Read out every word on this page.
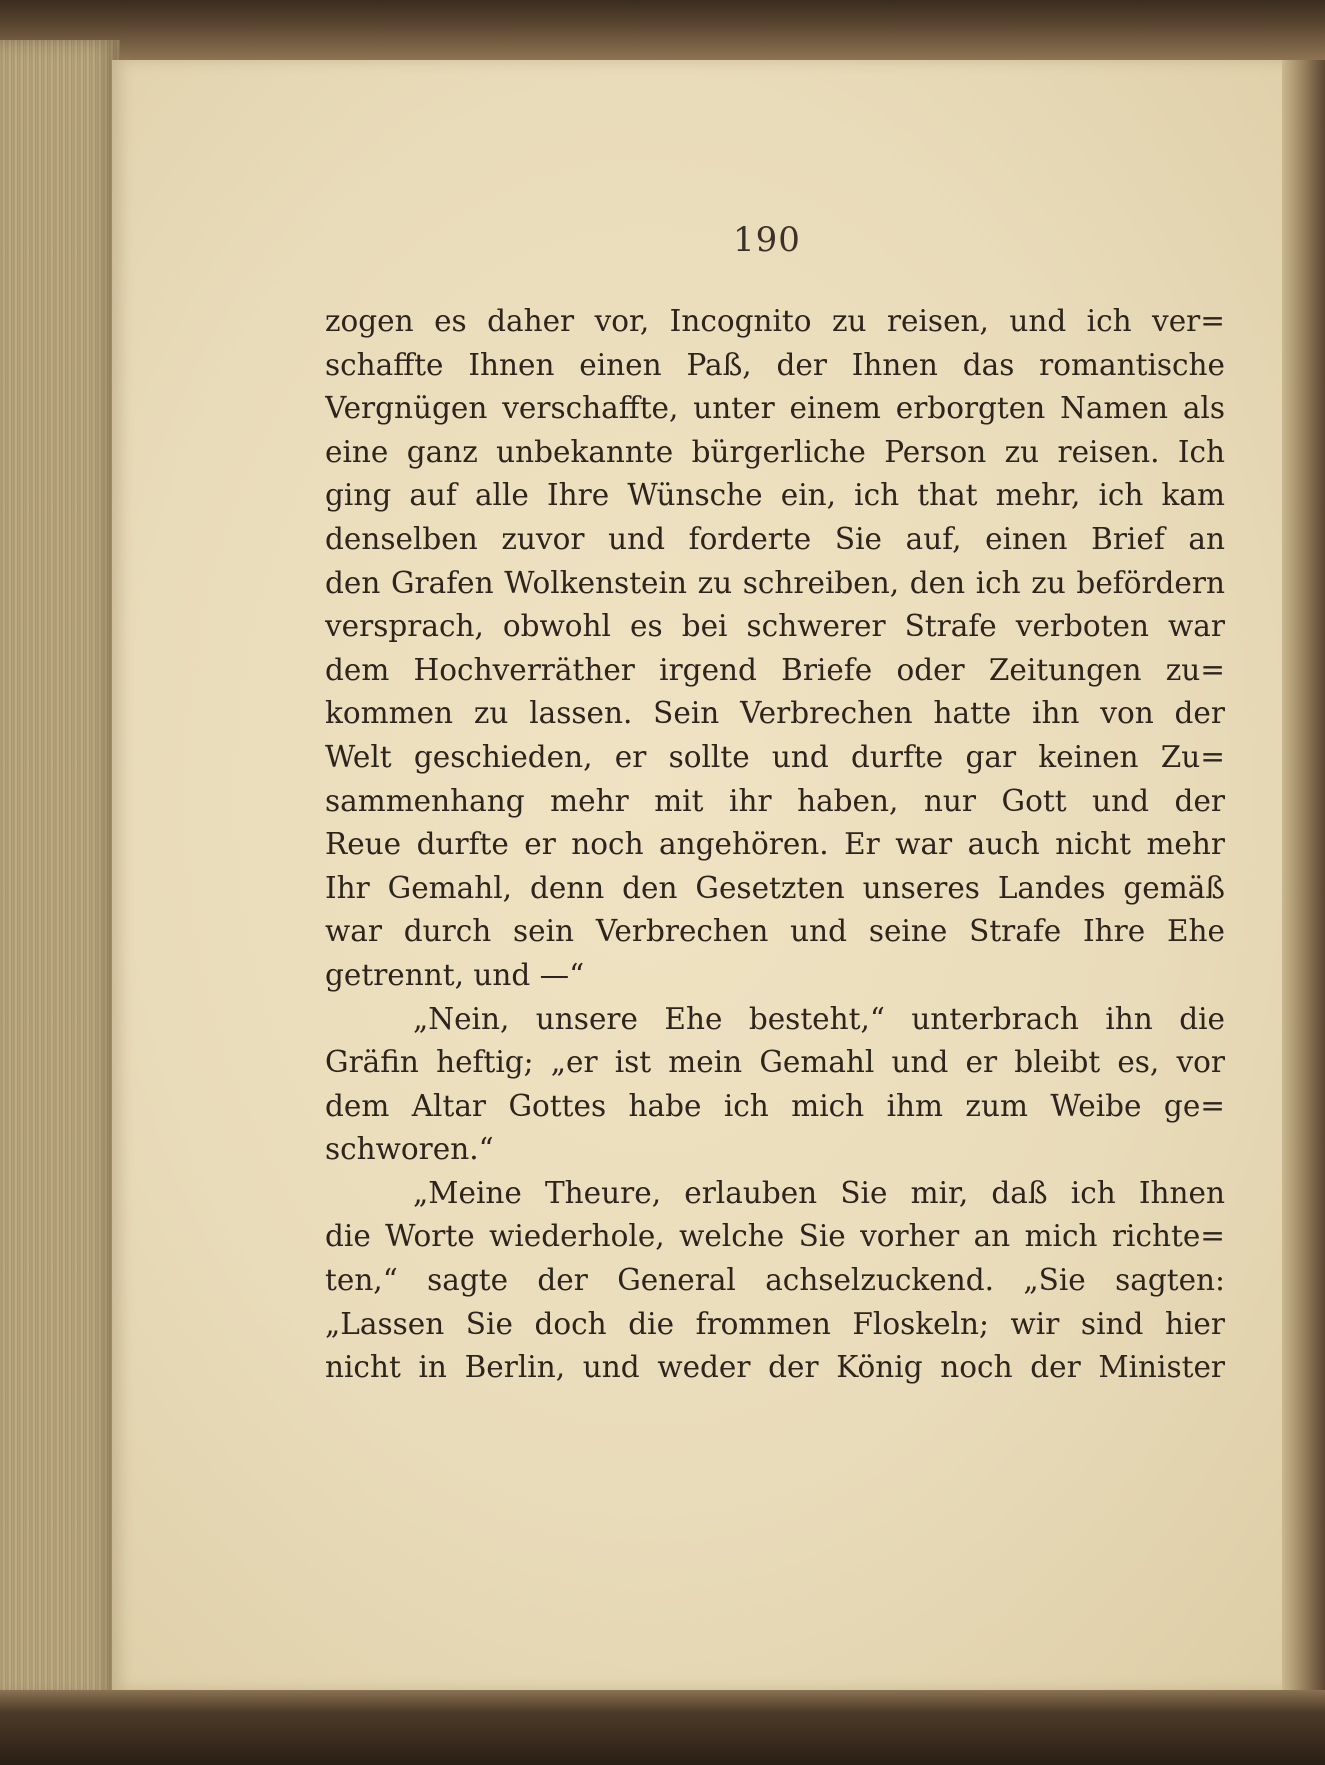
190
zogen es daher vor, Incognito zu reisen, und ich ver=
schaffte Ihnen einen Paß, der Ihnen das romantische
Vergnügen verschaffte, unter einem erborgten Namen als
eine ganz unbekannte bürgerliche Person zu reisen. Ich
ging auf alle Ihre Wünsche ein, ich that mehr, ich kam
denselben zuvor und forderte Sie auf, einen Brief an
den Grafen Wolkenstein zu schreiben, den ich zu befördern
versprach, obwohl es bei schwerer Strafe verboten war
dem Hochverräther irgend Briefe oder Zeitungen zu=
kommen zu lassen. Sein Verbrechen hatte ihn von der
Welt geschieden, er sollte und durfte gar keinen Zu=
sammenhang mehr mit ihr haben, nur Gott und der
Reue durfte er noch angehören. Er war auch nicht mehr
Ihr Gemahl, denn den Gesetzten unseres Landes gemäß
war durch sein Verbrechen und seine Strafe Ihre Ehe
getrennt, und —“
„Nein, unsere Ehe besteht,“ unterbrach ihn die
Gräfin heftig; „er ist mein Gemahl und er bleibt es, vor
dem Altar Gottes habe ich mich ihm zum Weibe ge=
schworen.“
„Meine Theure, erlauben Sie mir, daß ich Ihnen
die Worte wiederhole, welche Sie vorher an mich richte=
ten,“ sagte der General achselzuckend. „Sie sagten:
„Lassen Sie doch die frommen Floskeln; wir sind hier
nicht in Berlin, und weder der König noch der Minister
